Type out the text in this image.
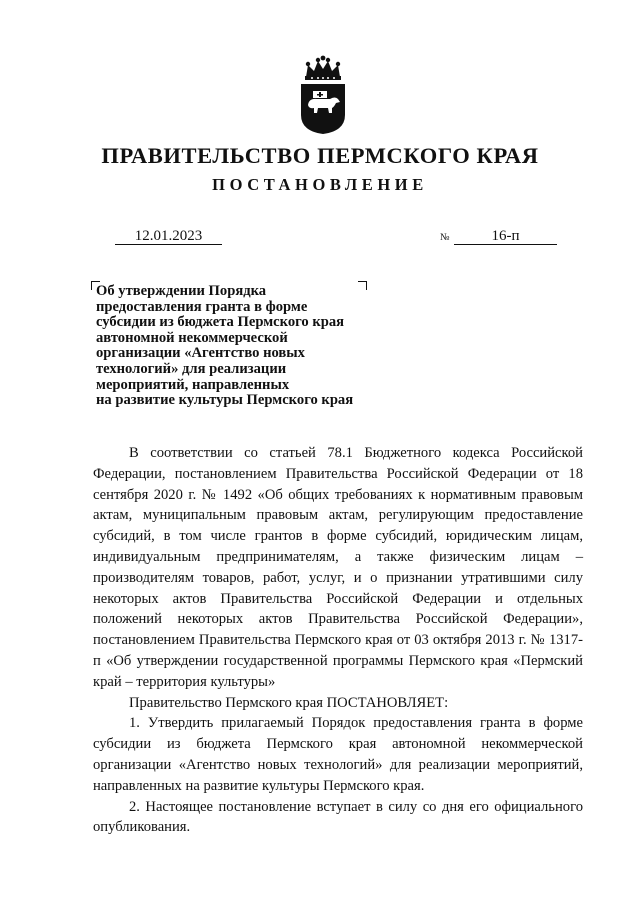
ПРАВИТЕЛЬСТВО ПЕРМСКОГО КРАЯ
ПОСТАНОВЛЕНИЕ
12.01.2023	№	16-п
Об утверждении Порядка
предоставления гранта в форме
субсидии из бюджета Пермского края
автономной некоммерческой
организации «Агентство новых
технологий» для реализации
мероприятий, направленных
на развитие культуры Пермского края

В соответствии со статьей 78.1 Бюджетного кодекса Российской Федерации, постановлением Правительства Российской Федерации от 18 сентября 2020 г. № 1492 «Об общих требованиях к нормативным правовым актам, муниципальным правовым актам, регулирующим предоставление субсидий, в том числе грантов в форме субсидий, юридическим лицам, индивидуальным предпринимателям, а также физическим лицам – производителям товаров, работ, услуг, и о признании утратившими силу некоторых актов Правительства Российской Федерации и отдельных положений некоторых актов Правительства Российской Федерации», постановлением Правительства Пермского края от 03 октября 2013 г. № 1317-п «Об утверждении государственной программы Пермского края «Пермский край – территория культуры»

Правительство Пермского края ПОСТАНОВЛЯЕТ:

1. Утвердить прилагаемый Порядок предоставления гранта в форме субсидии из бюджета Пермского края автономной некоммерческой организации «Агентство новых технологий» для реализации мероприятий, направленных на развитие культуры Пермского края.

2. Настоящее постановление вступает в силу со дня его официального опубликования.
